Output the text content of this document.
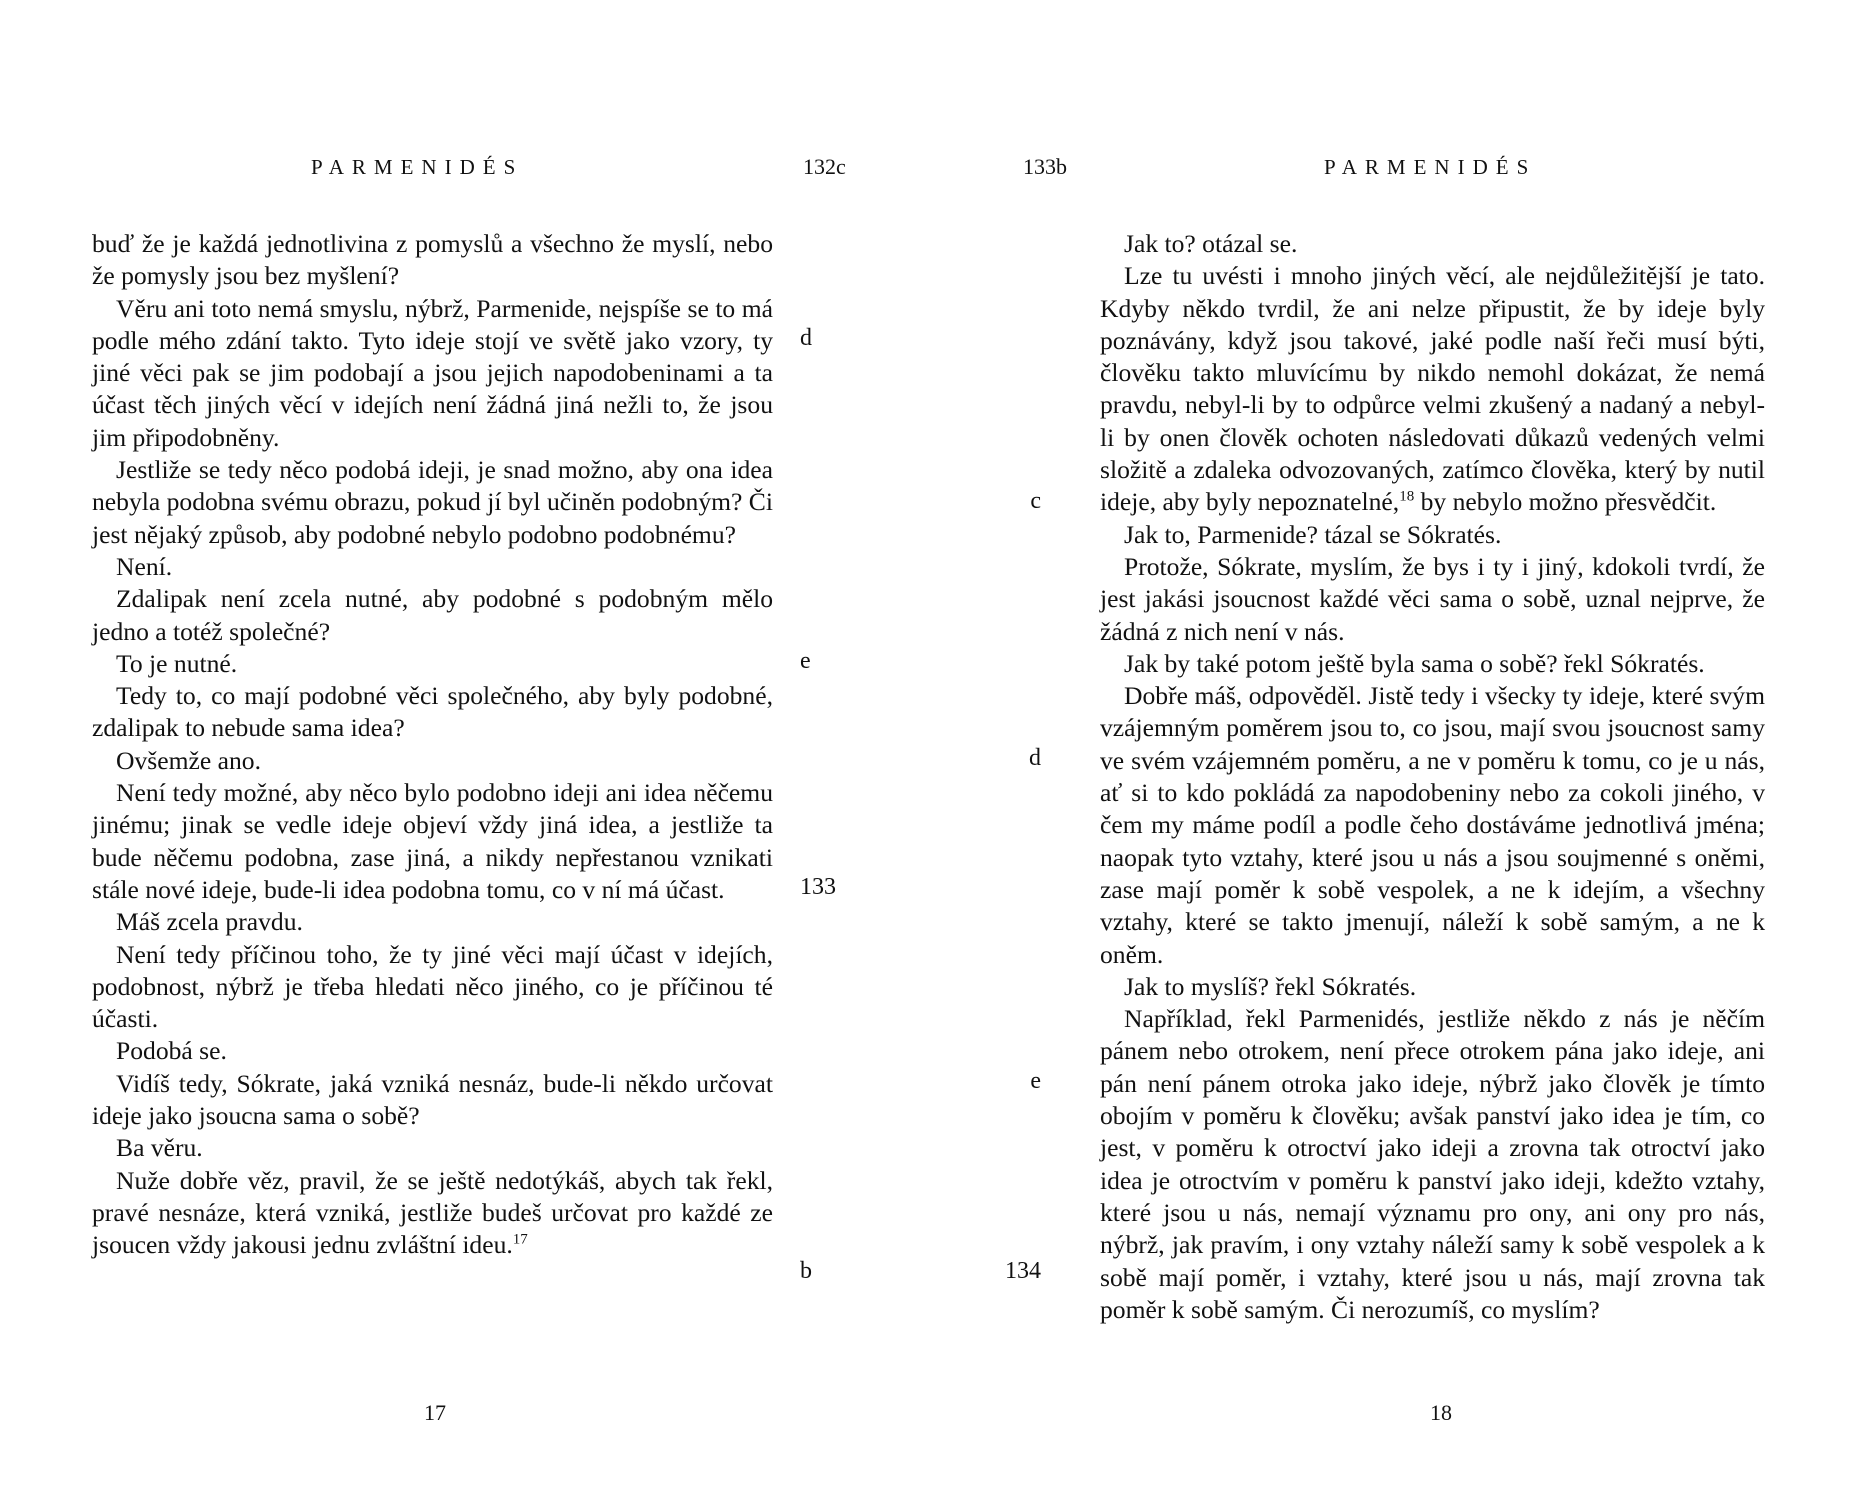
PARMENIDÉS	132c

buď že je každá jednotlivina z pomyslů a všechno že myslí, nebo že pomysly jsou bez myšlení?

Věru ani toto nemá smyslu, nýbrž, Parmenide, nejspíše se to má podle mého zdání takto. Tyto ideje stojí ve světě jako vzory, ty jiné věci pak se jim podobají a jsou jejich napodobeninami a ta účast těch jiných věcí v idejích není žádná jiná nežli to, že jsou jim připodobněny.

Jestliže se tedy něco podobá ideji, je snad možno, aby ona idea nebyla podobna svému obrazu, pokud jí byl učiněn podobným? Či jest nějaký způsob, aby podobné nebylo podobno podobnému?

Není.

Zdalipak není zcela nutné, aby podobné s podobným mělo jedno a totéž společné?

To je nutné.

Tedy to, co mají podobné věci společného, aby byly podobné, zdalipak to nebude sama idea?

Ovšemže ano.

Není tedy možné, aby něco bylo podobno ideji ani idea něčemu jinému; jinak se vedle ideje objeví vždy jiná idea, a jestliže ta bude něčemu podobna, zase jiná, a nikdy nepřestanou vznikati stále nové ideje, bude-li idea podobna tomu, co v ní má účast.

Máš zcela pravdu.

Není tedy příčinou toho, že ty jiné věci mají účast v idejích, podobnost, nýbrž je třeba hledati něco jiného, co je příčinou té účasti.

Podobá se.

Vidíš tedy, Sókrate, jaká vzniká nesnáz, bude-li někdo určovat ideje jako jsoucna sama o sobě?

Ba věru.

Nuže dobře věz, pravil, že se ještě nedotýkáš, abych tak řekl, pravé nesnáze, která vzniká, jestliže budeš určovat pro každé ze jsoucen vždy jakousi jednu zvláštní ideu.$^{17}$

d
e
133
b
17
133b	PARMENIDÉS

Jak to? otázal se.

Lze tu uvésti i mnoho jiných věcí, ale nejdůležitější je tato. Kdyby někdo tvrdil, že ani nelze připustit, že by ideje byly poznávány, když jsou takové, jaké podle naší řeči musí býti, člověku takto mluvícímu by nikdo nemohl dokázat, že nemá pravdu, nebyl-li by to odpůrce velmi zkušený a nadaný a nebyl-li by onen člověk ochoten následovati důkazů vedených velmi složitě a zdaleka odvozovaných, zatímco člověka, který by nutil ideje, aby byly nepoznatelné,$^{18}$ by nebylo možno přesvědčit.

Jak to, Parmenide? tázal se Sókratés.

Protože, Sókrate, myslím, že bys i ty i jiný, kdokoli tvrdí, že jest jakási jsoucnost každé věci sama o sobě, uznal nejprve, že žádná z nich není v nás.

Jak by také potom ještě byla sama o sobě? řekl Sókratés.

Dobře máš, odpověděl. Jistě tedy i všecky ty ideje, které svým vzájemným poměrem jsou to, co jsou, mají svou jsoucnost samy ve svém vzájemném poměru, a ne v poměru k tomu, co je u nás, ať si to kdo pokládá za napodobeniny nebo za cokoli jiného, v čem my máme podíl a podle čeho dostáváme jednotlivá jména; naopak tyto vztahy, které jsou u nás a jsou soujmenné s oněmi, zase mají poměr k sobě vespolek, a ne k idejím, a všechny vztahy, které se takto jmenují, náleží k sobě samým, a ne k oněm.

Jak to myslíš? řekl Sókratés.

Například, řekl Parmenidés, jestliže někdo z nás je něčím pánem nebo otrokem, není přece otrokem pána jako ideje, ani pán není pánem otroka jako ideje, nýbrž jako člověk je tímto obojím v poměru k člověku; avšak panství jako idea je tím, co jest, v poměru k otroctví jako ideji a zrovna tak otroctví jako idea je otroctvím v poměru k panství jako ideji, kdežto vztahy, které jsou u nás, nemají významu pro ony, ani ony pro nás, nýbrž, jak pravím, i ony vztahy náleží samy k sobě vespolek a k sobě mají poměr, i vztahy, které jsou u nás, mají zrovna tak poměr k sobě samým. Či nerozumíš, co myslím?

c
d
e
134
18
